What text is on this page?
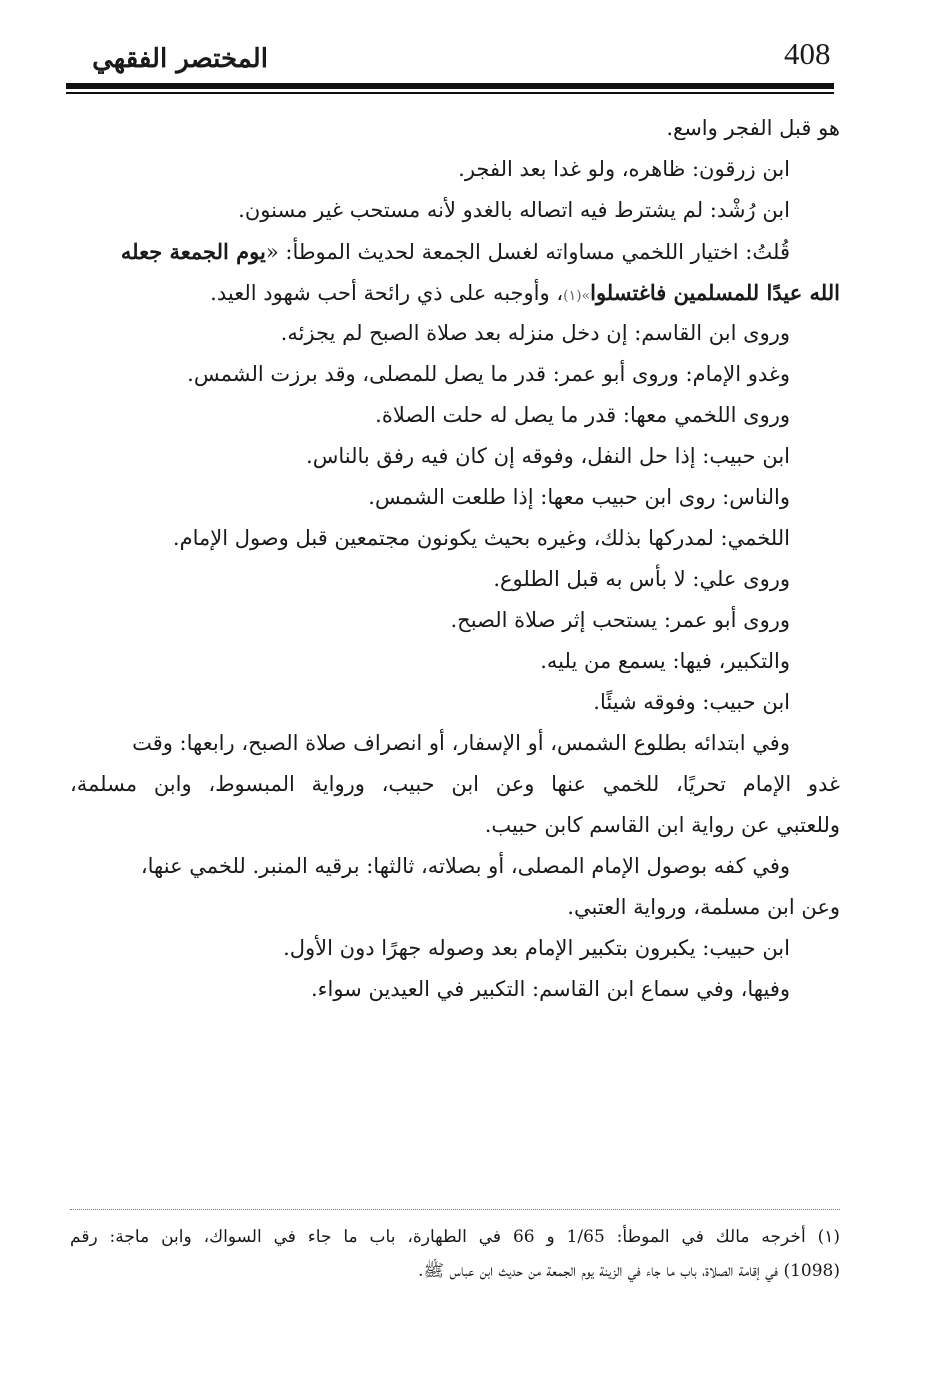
408
المختصر الفقهي
هو قبل الفجر واسع.
ابن زرقون: ظاهره، ولو غدا بعد الفجر.
ابن رُشْد: لم يشترط فيه اتصاله بالغدو لأنه مستحب غير مسنون.
قُلتُ: اختيار اللخمي مساواته لغسل الجمعة لحديث الموطأ: «يوم الجمعة جعله
الله عيدًا للمسلمين فاغتسلوا»(١)، وأوجبه على ذي رائحة أحب شهود العيد.
وروى ابن القاسم: إن دخل منزله بعد صلاة الصبح لم يجزئه.
وغدو الإمام: وروى أبو عمر: قدر ما يصل للمصلى، وقد برزت الشمس.
وروى اللخمي معها: قدر ما يصل له حلت الصلاة.
ابن حبيب: إذا حل النفل، وفوقه إن كان فيه رفق بالناس.
والناس: روى ابن حبيب معها: إذا طلعت الشمس.
اللخمي: لمدركها بذلك، وغيره بحيث يكونون مجتمعين قبل وصول الإمام.
وروى علي: لا بأس به قبل الطلوع.
وروى أبو عمر: يستحب إثر صلاة الصبح.
والتكبير، فيها: يسمع من يليه.
ابن حبيب: وفوقه شيئًا.
وفي ابتدائه بطلوع الشمس، أو الإسفار، أو انصراف صلاة الصبح، رابعها: وقت
غدو الإمام تحريًا، للخمي عنها وعن ابن حبيب، ورواية المبسوط، وابن مسلمة،
وللعتبي عن رواية ابن القاسم كابن حبيب.
وفي كفه بوصول الإمام المصلى، أو بصلاته، ثالثها: برقيه المنبر. للخمي عنها،
وعن ابن مسلمة، ورواية العتبي.
ابن حبيب: يكبرون بتكبير الإمام بعد وصوله جهرًا دون الأول.
وفيها، وفي سماع ابن القاسم: التكبير في العيدين سواء.
(١) أخرجه مالك في الموطأ: 1/65 و 66 في الطهارة، باب ما جاء في السواك، وابن ماجة: رقم
(1098) في إقامة الصلاة، باب ما جاء في الزينة يوم الجمعة من حديث ابن عباس ﷺ.
